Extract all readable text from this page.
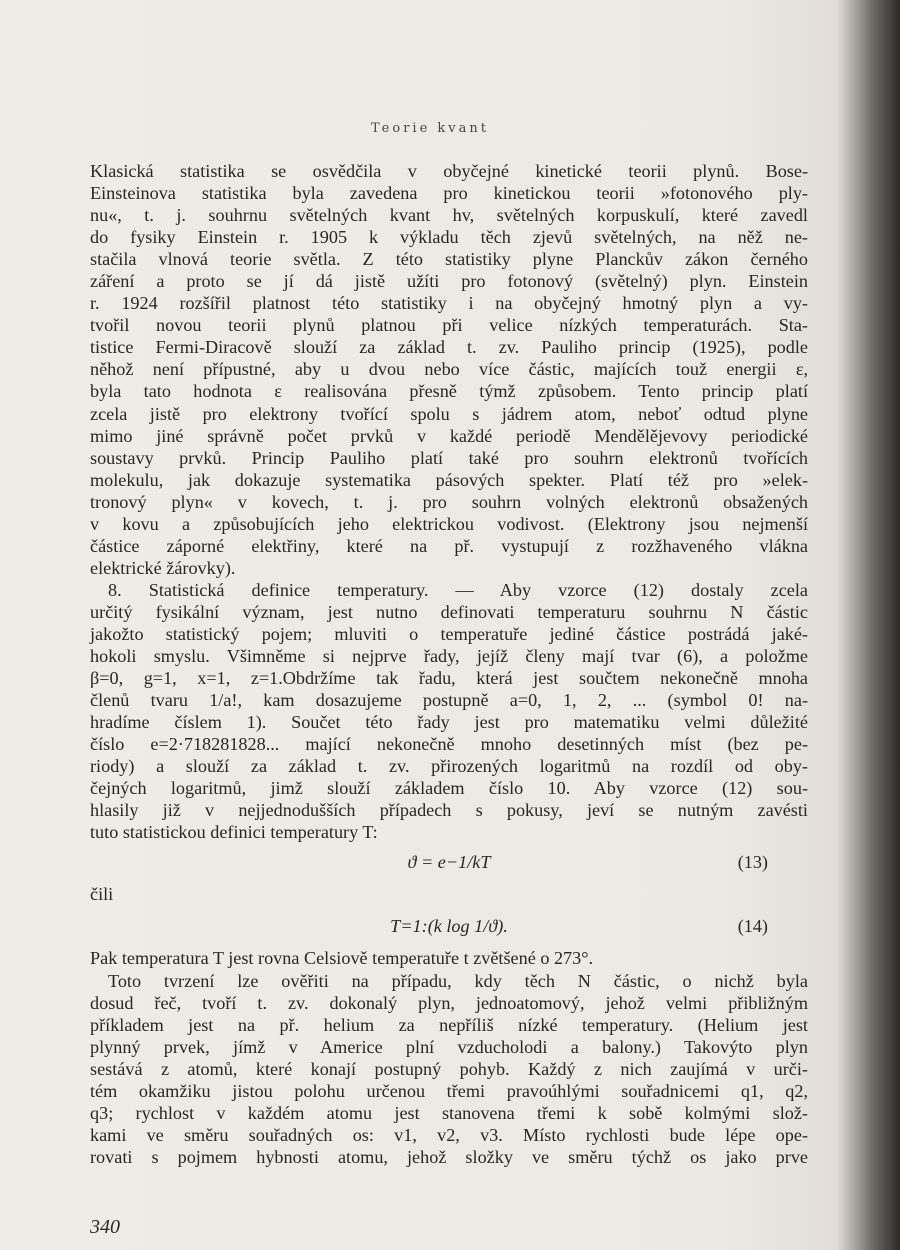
Teorie kvant
Klasická statistika se osvědčila v obyčejné kinetické teorii plynů. Bose-
Einsteinova statistika byla zavedena pro kinetickou teorii »fotonového ply-
nu«, t. j. souhrnu světelných kvant hv, světelných korpuskulí, které zavedl
do fysiky Einstein r. 1905 k výkladu těch zjevů světelných, na něž ne-
stačila vlnová teorie světla. Z této statistiky plyne Planckův zákon černého
záření a proto se jí dá jistě užíti pro fotonový (světelný) plyn. Einstein
r. 1924 rozšířil platnost této statistiky i na obyčejný hmotný plyn a vy-
tvořil novou teorii plynů platnou při velice nízkých temperaturách. Sta-
tistice Fermi-Diracově slouží za základ t. zv. Pauliho princip (1925), podle
něhož není přípustné, aby u dvou nebo více částic, majících touž energii ε,
byla tato hodnota ε realisována přesně týmž způsobem. Tento princip platí
zcela jistě pro elektrony tvořící spolu s jádrem atom, neboť odtud plyne
mimo jiné správně počet prvků v každé periodě Mendělějevovy periodické
soustavy prvků. Princip Pauliho platí také pro souhrn elektronů tvořících
molekulu, jak dokazuje systematika pásových spekter. Platí též pro »elek-
tronový plyn« v kovech, t. j. pro souhrn volných elektronů obsažených
v kovu a způsobujících jeho elektrickou vodivost. (Elektrony jsou nejmenší
částice záporné elektřiny, které na př. vystupují z rozžhaveného vlákna
elektrické žárovky).
8. Statistická definice temperatury. — Aby vzorce (12) dostaly zcela
určitý fysikální význam, jest nutno definovati temperaturu souhrnu N částic
jakožto statistický pojem; mluviti o temperatuře jediné částice postrádá jaké-
hokoli smyslu. Všimněme si nejprve řady, jejíž členy mají tvar (6), a položme
β=0, g=1, x=1, z=1.Obdržíme tak řadu, která jest součtem nekonečně mnoha
členů tvaru 1/a!, kam dosazujeme postupně a=0, 1, 2, ... (symbol 0! na-
hradíme číslem 1). Součet této řady jest pro matematiku velmi důležité
číslo e=2·718281828... mající nekonečně mnoho desetinných míst (bez pe-
riody) a slouží za základ t. zv. přirozených logaritmů na rozdíl od oby-
čejných logaritmů, jimž slouží základem číslo 10. Aby vzorce (12) sou-
hlasily již v nejjednodušších případech s pokusy, jeví se nutným zavésti
tuto statistickou definici temperatury T:
ϑ = e−1/kT	(13)
čili
T=1:(k log 1/ϑ).	(14)
Pak temperatura T jest rovna Celsiově temperatuře t zvětšené o 273°.
Toto tvrzení lze ověřiti na případu, kdy těch N částic, o nichž byla
dosud řeč, tvoří t. zv. dokonalý plyn, jednoatomový, jehož velmi přibližným
příkladem jest na př. helium za nepříliš nízké temperatury. (Helium jest
plynný prvek, jímž v Americe plní vzducholodi a balony.) Takovýto plyn
sestává z atomů, které konají postupný pohyb. Každý z nich zaujímá v urči-
tém okamžiku jistou polohu určenou třemi pravoúhlými souřadnicemi q1, q2,
q3; rychlost v každém atomu jest stanovena třemi k sobě kolmými slož-
kami ve směru souřadných os: v1, v2, v3. Místo rychlosti bude lépe ope-
rovati s pojmem hybnosti atomu, jehož složky ve směru týchž os jako prve
340
